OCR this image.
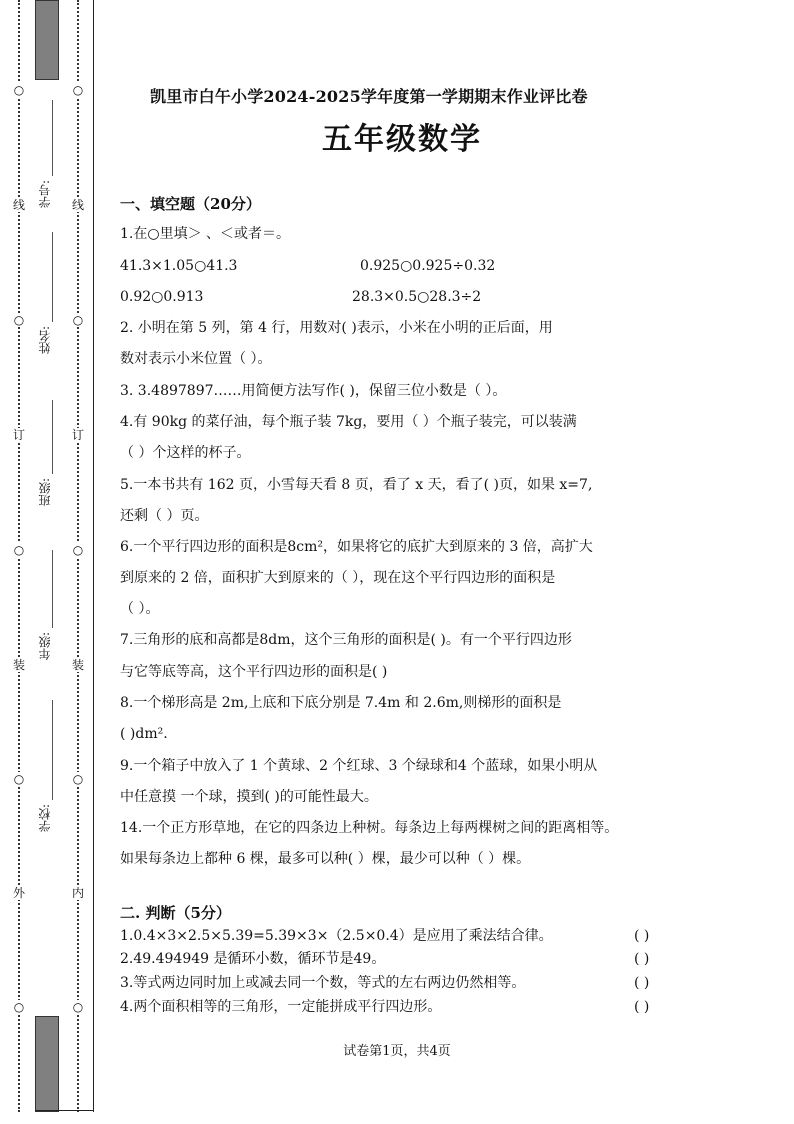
○
线
○
订
○
装
○
外
○
○
线
○
订
○
装
○
内
○
学号:
姓名:
班级:
年级:
学校:
凯里市白午小学2024-2025学年度第一学期期末作业评比卷
五年级数学
一、填空题（20分）
1.在○里填＞ 、＜或者＝。
41.3×1.05○41.3	0.925○0.925÷0.32
0.92○0.913	28.3×0.5○28.3÷2
2. 小明在第 5 列，第 4 行，用数对( )表示，小米在小明的正后面，用
数对表示小米位置（ ）。
3. 3.4897897……用简便方法写作( )，保留三位小数是（ ）。
4.有 90kg 的菜仔油，每个瓶子装 7kg，要用（ ）个瓶子装完，可以装满
（ ）个这样的杯子。
5.一本书共有 162 页，小雪每天看 8 页，看了 x 天，看了( )页，如果 x=7,
还剩（ ）页。
6.一个平行四边形的面积是8cm²，如果将它的底扩大到原来的 3 倍，高扩大
到原来的 2 倍，面积扩大到原来的（ ），现在这个平行四边形的面积是
（ ）。
7.三角形的底和高都是8dm，这个三角形的面积是( )。有一个平行四边形
与它等底等高，这个平行四边形的面积是( )
8.一个梯形高是 2m,上底和下底分别是 7.4m 和 2.6m,则梯形的面积是
( )dm².
9.一个箱子中放入了 1 个黄球、2 个红球、3 个绿球和4 个蓝球，如果小明从
中任意摸 一个球，摸到( )的可能性最大。
14.一个正方形草地，在它的四条边上种树。每条边上每两棵树之间的距离相等。
如果每条边上都种 6 棵，最多可以种( ）棵，最少可以种（ ）棵。
二. 判断（5分）
1.0.4×3×2.5×5.39=5.39×3×（2.5×0.4）是应用了乘法结合律。	( )
2.49.494949 是循环小数，循环节是49。	( )
3.等式两边同时加上或减去同一个数，等式的左右两边仍然相等。	( )
4.两个面积相等的三角形，一定能拼成平行四边形。	( )
试卷第1页，共4页
